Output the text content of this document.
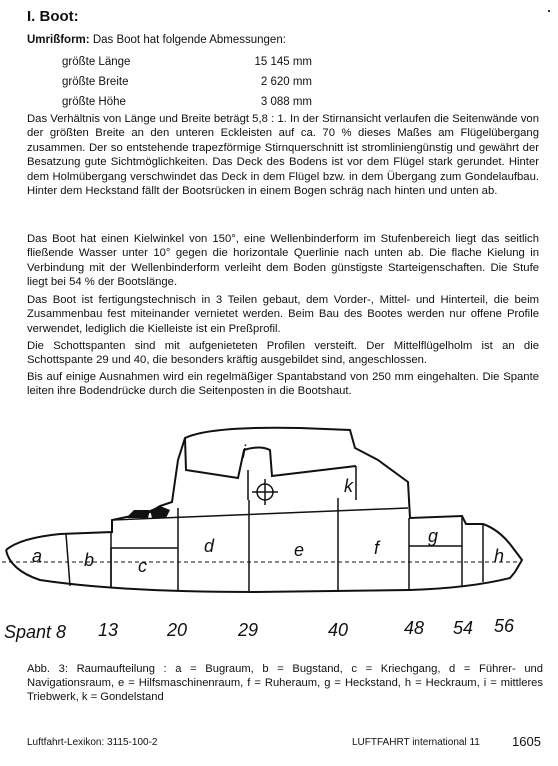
I. Boot:
Umrißform: Das Boot hat folgende Abmessungen:
größte Länge	15 145 mm
größte Breite	2 620 mm
größte Höhe	3 088 mm

Das Verhältnis von Länge und Breite beträgt 5,8 : 1. In der Stirnansicht verlaufen die Seitenwände von der größten Breite an den unteren Eckleisten auf ca. 70 % dieses Maßes am Flügelübergang zusammen. Der so entstehende trapezförmige Stirnquerschnitt ist stromliniengünstig und gewährt der Besatzung gute Sichtmöglichkeiten. Das Deck des Bodens ist vor dem Flügel stark gerundet. Hinter dem Holmübergang verschwindet das Deck in dem Flügel bzw. in dem Übergang zum Gondelaufbau. Hinter dem Heckstand fällt der Bootsrücken in einem Bogen schräg nach hinten und unten ab.

Das Boot hat einen Kielwinkel von 150°, eine Wellenbinderform im Stufenbereich liegt das seitlich fließende Wasser unter 10° gegen die horizontale Querlinie nach unten ab. Die flache Kielung in Verbindung mit der Wellenbinderform verleiht dem Boden günstigste Starteigenschaften. Die Stufe liegt bei 54 % der Bootslänge.

Das Boot ist fertigungstechnisch in 3 Teilen gebaut, dem Vorder-, Mittel- und Hinterteil, die beim Zusammenbau fest miteinander vernietet werden. Beim Bau des Bootes werden nur offene Profile verwendet, lediglich die Kielleiste ist ein Preßprofil.

Die Schottspanten sind mit aufgenieteten Profilen versteift. Der Mittelflügelholm ist an die Schottspante 29 und 40, die besonders kräftig ausgebildet sind, angeschlossen.

Bis auf einige Ausnahmen wird ein regelmäßiger Spantabstand von 250 mm eingehalten. Die Spante leiten ihre Bodendrücke durch die Seitenposten in die Bootshaut.

a b c
d	e	f
g
h
i
k
Spant 8 13	20	29	40	48 54 56
Abb. 3: Raumaufteilung : a = Bugraum, b = Bugstand, c = Kriechgang, d = Führer- und Navigationsraum, e = Hilfsmaschinenraum, f = Ruheraum, g = Heckstand, h = Heckraum, i = mittleres Triebwerk, k = Gondelstand
Luftfahrt-Lexikon: 3115-100-2	LUFTFAHRT international 11 1605
